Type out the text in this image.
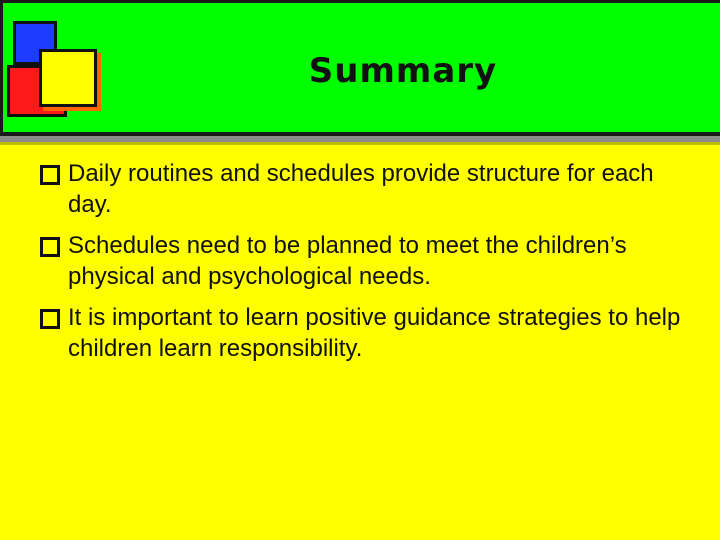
Summary
Daily routines and schedules provide structure for each day.
Schedules need to be planned to meet the children’s physical and psychological needs.
It is important to learn positive guidance strategies to help children learn responsibility.
